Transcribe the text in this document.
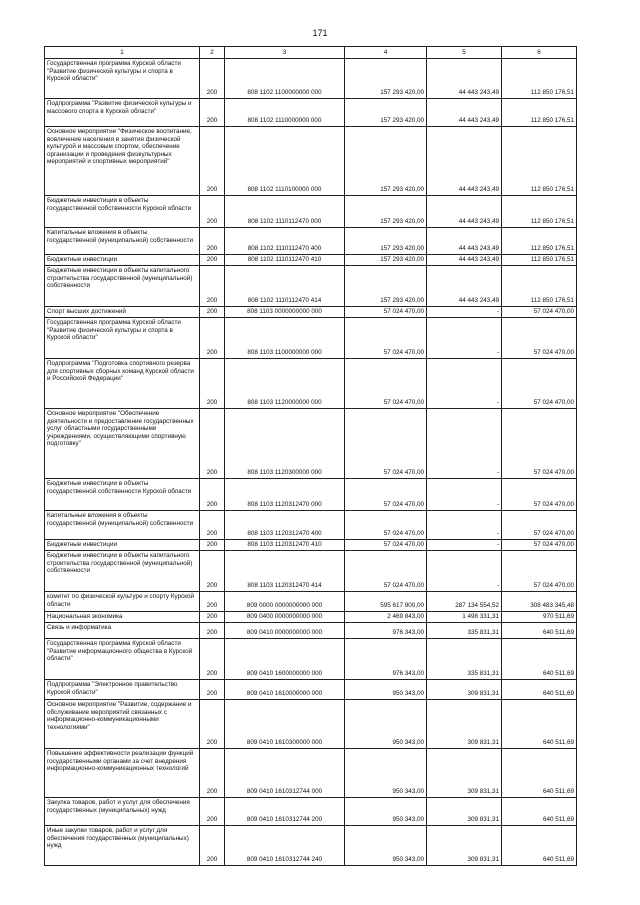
171
1	2	3	4	5	6
Государственная программа Курской области "Развитие физической культуры и спорта в Курской области"	200	808 1102 1100000000 000	157 293 420,00	44 443 243,49	112 850 176,51
Подпрограмма "Развитие физической культуры и массового спорта в Курской области"	200	808 1102 1110000000 000	157 293 420,00	44 443 243,49	112 850 176,51
Основное мероприятие "Физическое воспитание, вовлечение населения в занятия физической культурой и массовым спортом, обеспечение организации и проведения физкультурных мероприятий и спортивных мероприятий"	200	808 1102 1110100000 000	157 293 420,00	44 443 243,49	112 850 176,51
Бюджетные инвестиции в объекты государственной собственности Курской области	200	808 1102 1110112470 000	157 293 420,00	44 443 243,49	112 850 176,51
Капитальные вложения в объекты государственной (муниципальной) собственности	200	808 1102 1110112470 400	157 293 420,00	44 443 243,49	112 850 176,51
Бюджетные инвестиции	200	808 1102 1110112470 410	157 293 420,00	44 443 243,49	112 850 176,51
Бюджетные инвестиции в объекты капитального строительства государственной (муниципальной) собственности	200	808 1102 1110112470 414	157 293 420,00	44 443 243,49	112 850 176,51
Спорт высших достижений	200	808 1103 0000000000 000	57 024 470,00	-	57 024 470,00
Государственная программа Курской области "Развитие физической культуры и спорта в Курской области"	200	808 1103 1100000000 000	57 024 470,00	-	57 024 470,00
Подпрограмма "Подготовка спортивного резерва для спортивных сборных команд Курской области и Российской Федерации"	200	808 1103 1120000000 000	57 024 470,00	-	57 024 470,00
Основное мероприятие "Обеспечение деятельности и предоставление государственных услуг областными государственными учреждениями, осуществляющими спортивную подготовку"	200	808 1103 1120300000 000	57 024 470,00	-	57 024 470,00
Бюджетные инвестиции в объекты государственной собственности Курской области	200	808 1103 1120312470 000	57 024 470,00	-	57 024 470,00
Капитальные вложения в объекты государственной (муниципальной) собственности	200	808 1103 1120312470 400	57 024 470,00	-	57 024 470,00
Бюджетные инвестиции	200	808 1103 1120312470 410	57 024 470,00	-	57 024 470,00
Бюджетные инвестиции в объекты капитального строительства государственной (муниципальной) собственности	200	808 1103 1120312470 414	57 024 470,00	-	57 024 470,00
комитет по физической культуре и спорту Курской области	200	809 0000 0000000000 000	595 617 900,00	287 134 554,52	308 483 345,48
Национальная экономика	200	809 0400 0000000000 000	2 469 843,00	1 498 331,31	970 511,69
Связь и информатика	200	809 0410 0000000000 000	976 343,00	335 831,31	640 511,69
Государственная программа Курской области "Развитие информационного общества в Курской области"	200	809 0410 1600000000 000	976 343,00	335 831,31	640 511,69
Подпрограмма "Электронное правительство Курской области"	200	809 0410 1610000000 000	950 343,00	309 831,31	640 511,69
Основное мероприятие "Развитие, содержание и обслуживание мероприятий связанных с информационно-коммуникационными технологиями"	200	809 0410 1610300000 000	950 343,00	309 831,31	640 511,69
Повышение эффективности реализации функций государственными органами за счет внедрения информационно-коммуникационных технологий	200	809 0410 1610312744 000	950 343,00	309 831,31	640 511,69
Закупка товаров, работ и услуг для обеспечения государственных (муниципальных) нужд	200	809 0410 1610312744 200	950 343,00	309 831,31	640 511,69
Иные закупки товаров, работ и услуг для обеспечения государственных (муниципальных) нужд	200	809 0410 1610312744 240	950 343,00	309 831,31	640 511,69
